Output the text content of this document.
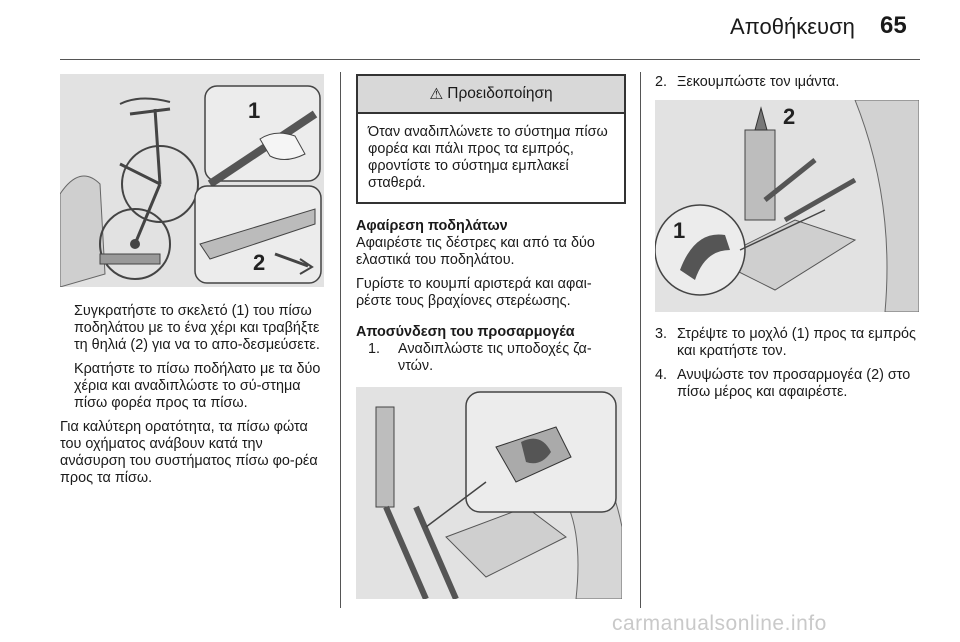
Αποθήκευση 65
1
2

Συγκρατήστε το σκελετό (1) του πίσω ποδηλάτου με το ένα χέρι και τραβήξτε τη θηλιά (2) για να το απο-δεσμεύσετε.

Κρατήστε το πίσω ποδήλατο με τα δύο χέρια και αναδιπλώστε το σύ-στημα πίσω φορέα προς τα πίσω.

Για καλύτερη ορατότητα, τα πίσω φώτα του οχήματος ανάβουν κατά την ανάσυρση του συστήματος πίσω φο-ρέα προς τα πίσω.

⚠ Προειδοποίηση

Όταν αναδιπλώνετε το σύστημα πίσω φορέα και πάλι προς τα εμπρός, φροντίστε το σύστημα εμπλακεί σταθερά.

Αφαίρεση ποδηλάτων

Αφαιρέστε τις δέστρες και από τα δύο ελαστικά του ποδηλάτου.

Γυρίστε το κουμπί αριστερά και αφαι-ρέστε τους βραχίονες στερέωσης.

Αποσύνδεση του προσαρμογέα

1.	Αναδιπλώστε τις υποδοχές ζα-ντών.
2. Ξεκουμπώστε τον ιμάντα.
1
2
3. Στρέψτε το μοχλό (1) προς τα εμπρός και κρατήστε τον.
4. Ανυψώστε τον προσαρμογέα (2) στο πίσω μέρος και αφαιρέστε.
carmanualsonline.info
